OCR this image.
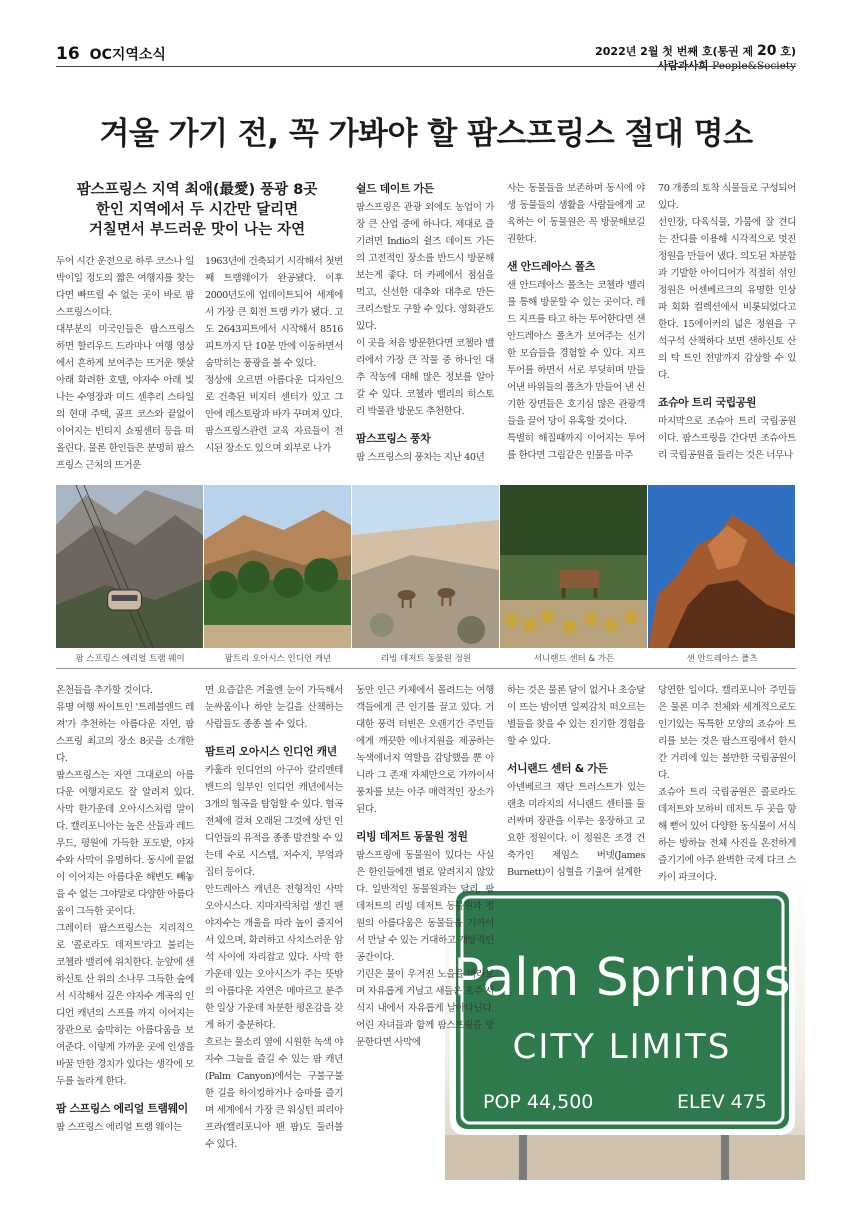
16 OC지역소식	2022년 2월 첫 번째 호(통권 제 20 호)
사람과사회 People&Society
겨울 가기 전, 꼭 가봐야 할 팜스프링스 절대 명소
팜스프링스 지역 최애(最愛) 풍광 8곳
한인 지역에서 두 시간만 달리면
거칠면서 부드러운 맛이 나는 자연

두어 시간 운전으로 하루 코스나 일박이일 정도의 짧은 여행지를 찾는다면 빠뜨릴 수 없는 곳이 바로 팜스프링스이다.

대부분의 미국인들은 팜스프링스하면 할리우드 드라마나 여행 영상에서 흔하게 보여주는 뜨거운 햇살 아래 화려한 호텔, 야자수 아래 빛나는 수영장과 미드 센추리 스타일의 현대 주택, 골프 코스와 끝없이 이어지는 빈티지 쇼핑센터 등을 떠올린다. 물론 한인들은 분명히 팜스프링스 근처의 뜨거운

1963년에 건축되기 시작해서 첫번째 트램웨이가 완공됐다. 이후 2000년도에 업데이트되어 세계에서 가장 큰 회전 트램 카가 됐다. 고도 2643피트에서 시작해서 8516피트까지 단 10분 만에 이동하면서 숨막히는 풍광을 볼 수 있다.

정상에 오르면 아름다운 디자인으로 건축된 비지터 센터가 있고 그 안에 레스토랑과 바가 꾸며져 있다.

팜스프링스관련 교육 자료들이 전시된 장소도 있으며 외부로 나가

쉴드 데이트 가든

팜스프링은 관광 외에도 농업이 가장 큰 산업 중에 하나다. 제대로 즐기려면 Indio의 쉴즈 데이트 가든의 고전적인 장소를 반드시 방문해 보는게 좋다. 더 카페에서 점심을 먹고, 신선한 대추와 대추로 만든 크리스탈도 구할 수 있다. 영화관도 있다.

이 곳을 처음 방문한다면 코첼라 밸리에서 가장 큰 작물 중 하나인 대추 작농에 대해 많은 정보를 알아 갈 수 있다. 코첼라 밸리의 히스토리 박물관 방문도 추천한다.

팜스프링스 풍차

팜 스프링스의 풍차는 지난 40년

사는 동물들을 보존하며 동시에 야생 동물들의 생활을 사람들에게 교육하는 이 동물원은 꼭 방문해보길 권한다.

샌 안드레아스 폴츠

샌 안드레아스 폴츠는 코첼라 밸리를 통해 방문할 수 있는 곳이다. 레드 지프를 타고 하는 투어한다면 샌 안드레아스 폴츠가 보여주는 신기한 모습들을 경험할 수 있다. 지프 투어를 하면서 서로 부딪히며 만들어낸 바위들의 폴츠가 만들어 낸 신기한 장면들은 호기심 많은 관광객들을 끌어 당이 유혹할 것이다.

특별히 해질때까지 이어지는 투어를 한다면 그림같은 인물을 마주

70 개종의 토착 식물들로 구성되어 있다.

선인장, 다육식물, 가뭄에 잘 견디는 잔디를 이용해 시각적으로 멋진 정원을 만들어 냈다. 의도된 차분함과 기발한 아이디어가 적절히 섞인 정원은 어센베르크의 유명한 인상파 회화 컬렉션에서 비롯되었다고 한다. 15에이커의 넓은 정원을 구석구석 산책하다 보면 샌하신토 산의 탁 트인 전망까지 감상할 수 있다.

죠슈아 트리 국립공원

마지막으로 조슈아 트리 국립공원이다. 팜스프링을 간다면 조슈아트리 국립공원을 들리는 것은 너무나

팜 스프링스 에리얼 트램 웨이	팜트리 오아시스 인디언 캐년	리빙 데저트 동물원 정원	서니랜드 센터 & 가든	샌 안드레아스 폴츠
Palm Springs
CITY LIMITS
POP 44,500	ELEV 475

온천들을 추가할 것이다.

유명 여행 싸이트인 '트레블앤드 레져'가 추천하는 아름다운 자연, 팜스프링 최고의 장소 8곳을 소개한다.

팜스프링스는 자연 그대로의 아름다운 여행지로도 잘 알려져 있다. 사막 한가운데 오아시스처럼 말이다. 캘리포니아는 높은 산들과 레드우드, 평원에 가득한 포도밭, 야자수와 사막이 유명하다. 동시에 끝없이 이어지는 아름다운 해변도 빼놓을 수 없는 그야말로 다양한 아름다움이 그득한 곳이다.

그레이터 팜스프링스는 지리적으로 '콜로라도 데저트'라고 불리는 코첼라 밸리에 위치한다. 눈앞에 샌하신토 산 위의 소나무 그득한 숲에서 시작해서 깊은 야자수 계곡의 인디언 캐년의 스프를 까지 이어지는 장관으로 숨막히는 아름다움을 보여준다. 이렇게 가까운 곳에 인생을 바꿀 만한 경치가 있다는 생각에 모두를 놀라게 한다.

팜 스프링스 에리얼 트램웨이

팜 스프링스 에리얼 트램 웨이는

면 요즘같은 겨울엔 눈이 가득해서 눈싸움이나 하얀 눈길을 산책하는 사람들도 종종 볼 수 있다.

팜트리 오아시스 인디언 캐년

카훌라 인디언의 아구아 칼리엔테 밴드의 일부인 인디언 캐년에서는 3개의 협곡을 탐험할 수 있다. 협곡 전체에 걸쳐 오래된 그것에 상던 인디언들의 유적을 종종 발견할 수 있는데 수로 시스템, 저수지, 부엌과 집터 등이다.

안드레아스 캐년은 전형적인 사막 오아시스다. 지마자락처럼 생긴 팬 야자수는 개울을 따라 높이 줄지어 서 있으며, 화려하고 사치스러운 암석 사이에 자리잡고 있다. 사막 한가운데 있는 오아시스가 주는 뜻밖의 아름다운 자연은 메마르고 분주한 일상 가운데 차분한 평온감을 갖게 하기 충분하다.

흐르는 물소리 옆에 시원한 녹색 야자수 그늘을 즐길 수 있는 팜 캐년(Palm Canyon)에서는 구불구불한 길을 하이킹하거나 승마를 즐기며 세계에서 가장 큰 워싱턴 피리아프라(캘리포니아 팬 팜)도 둘러볼 수 있다.

동안 인근 카체에서 몰려드는 여행객들에게 큰 인기를 끌고 있다. 거대한 풍력 터빈은 오랜기간 주민들에게 깨끗한 에너지원을 제공하는 녹색에너지 역할을 감당했을 뿐 아니라 그 존재 자체만으로 가까이서 풍차를 보는 아주 매력적인 장소가 된다.

리빙 데저트 동물원 정원

팜스프링에 동물원이 있다는 사실은 한인들에겐 별로 알려지지 않았다. 일반적인 동물원과는 달리, 팜 데저트의 리빙 데저트 동물원과 정원의 아름다움은 동물들을 가까이서 만날 수 있는 거대하고 개방적인 공간이다.

기린은 물이 우거진 노을을 바라보며 자유롭게 거닐고 새들은 호주 서식지 내에서 자유롭게 날아다닌다. 어린 자녀들과 함께 팜스프링을 방문한다면 사막에

하는 것은 물론 달이 없거나 초승달이 뜨는 밤이면 일찌감치 떠오르는 별들을 찾을 수 있는 진기한 경험을 할 수 있다.

서니랜드 센터 & 가든

아넨베르크 재단 트러스트가 있는 랜초 미라지의 서니랜드 센터를 둘러싸며 장관을 이루는 웅장하고 고요한 정원이다. 이 정원은 조경 건축가인 제임스 버넷(James Burnett)이 심혈을 기울여 설계한

당연한 일이다. 캘리포니아 주민들은 물론 미주 전체와 세계적으로도 인기있는 독특한 모양의 죠슈아 트리를 보는 것은 팜스프링에서 한시간 거리에 있는 볼만한 국립공원이다.

죠슈아 트리 국립공원은 콜로라도 데저트와 모하비 데저트 두 곳을 향해 뻗어 있어 다양한 동식물이 서식하는 방하늘 전체 사진을 온전하게 즐기기에 아주 완벽한 국제 다크 스카이 파크이다.
